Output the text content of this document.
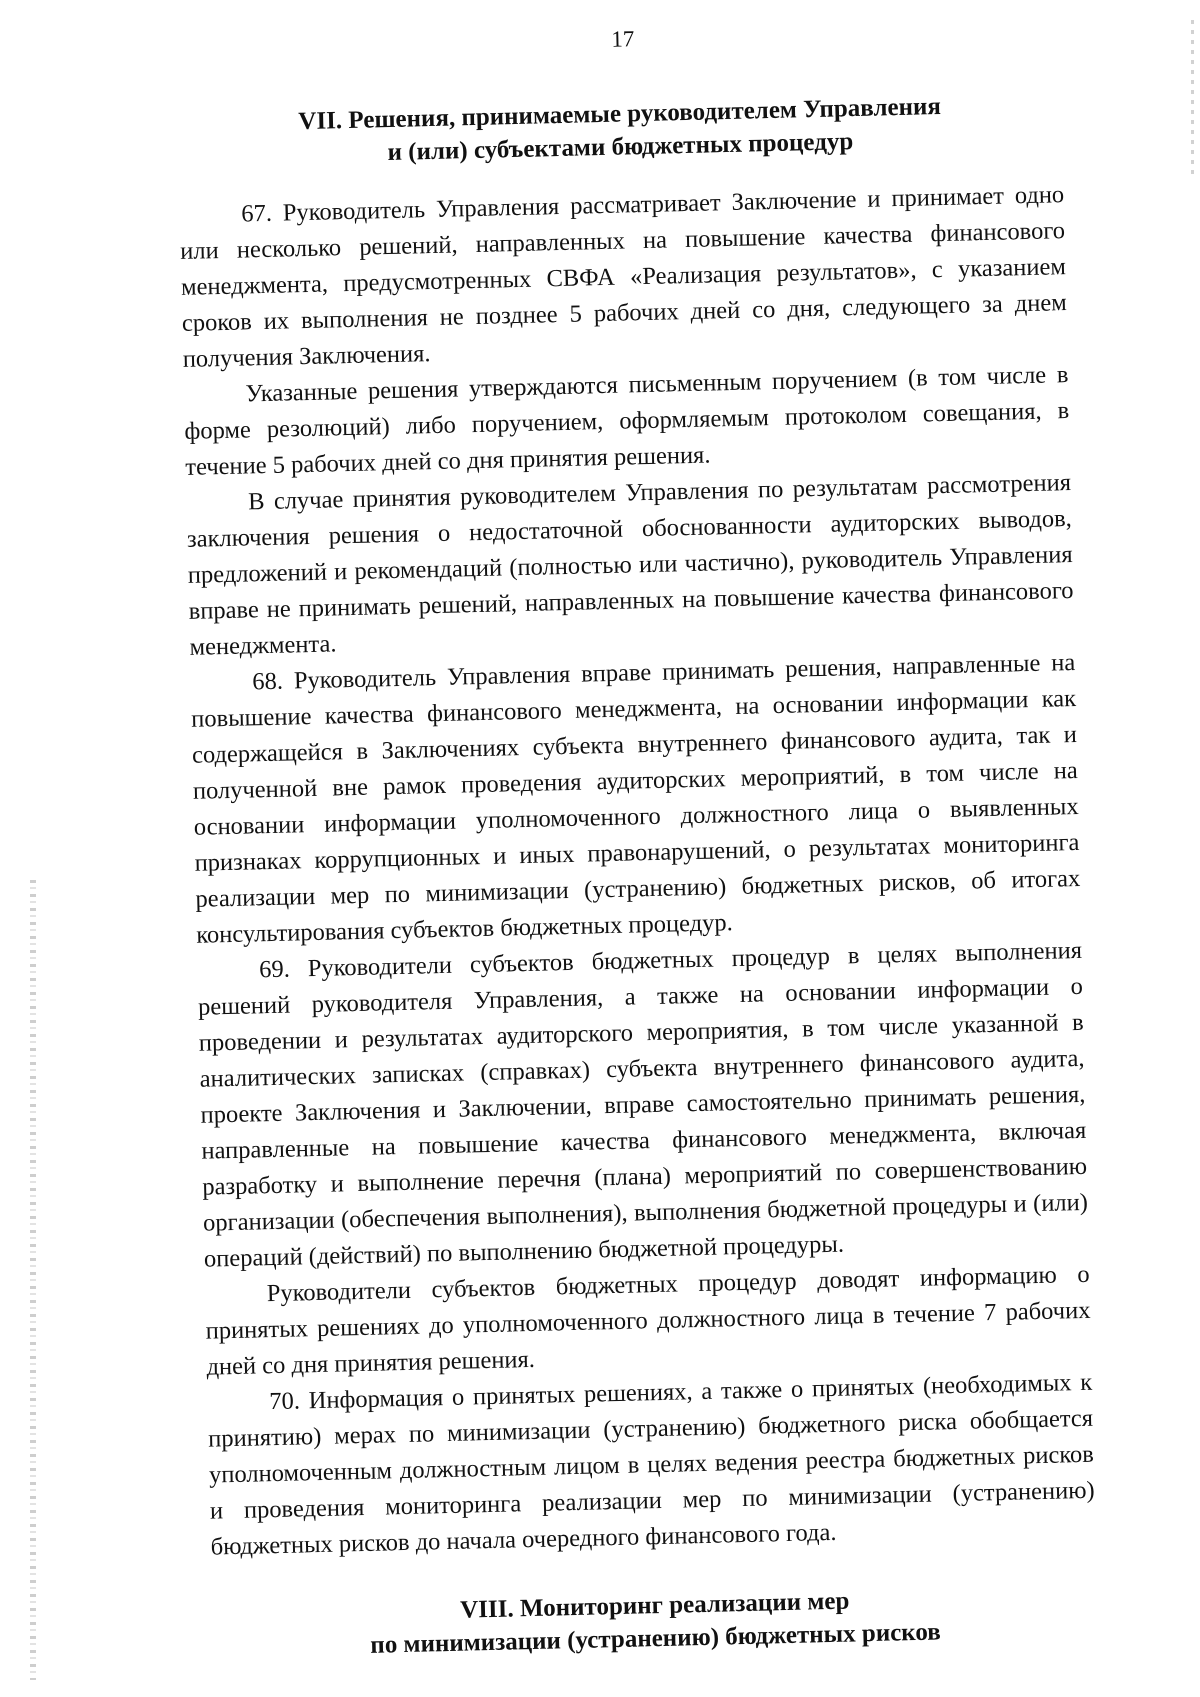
17
VII. Решения, принимаемые руководителем Управления
и (или) субъектами бюджетных процедур

67. Руководитель Управления рассматривает Заключение и принимает одно или несколько решений, направленных на повышение качества финансового менеджмента, предусмотренных СВФА «Реализация результатов», с указанием сроков их выполнения не позднее 5 рабочих дней со дня, следующего за днем получения Заключения.

Указанные решения утверждаются письменным поручением (в том числе в форме резолюций) либо поручением, оформляемым протоколом совещания, в течение 5 рабочих дней со дня принятия решения.

В случае принятия руководителем Управления по результатам рассмотрения заключения решения о недостаточной обоснованности аудиторских выводов, предложений и рекомендаций (полностью или частично), руководитель Управления вправе не принимать решений, направленных на повышение качества финансового менеджмента.

68. Руководитель Управления вправе принимать решения, направленные на повышение качества финансового менеджмента, на основании информации как содержащейся в Заключениях субъекта внутреннего финансового аудита, так и полученной вне рамок проведения аудиторских мероприятий, в том числе на основании информации уполномоченного должностного лица о выявленных признаках коррупционных и иных правонарушений, о результатах мониторинга реализации мер по минимизации (устранению) бюджетных рисков, об итогах консультирования субъектов бюджетных процедур.

69. Руководители субъектов бюджетных процедур в целях выполнения решений руководителя Управления, а также на основании информации о проведении и результатах аудиторского мероприятия, в том числе указанной в аналитических записках (справках) субъекта внутреннего финансового аудита, проекте Заключения и Заключении, вправе самостоятельно принимать решения, направленные на повышение качества финансового менеджмента, включая разработку и выполнение перечня (плана) мероприятий по совершенствованию организации (обеспечения выполнения), выполнения бюджетной процедуры и (или) операций (действий) по выполнению бюджетной процедуры.

Руководители субъектов бюджетных процедур доводят информацию о принятых решениях до уполномоченного должностного лица в течение 7 рабочих дней со дня принятия решения.

70. Информация о принятых решениях, а также о принятых (необходимых к принятию) мерах по минимизации (устранению) бюджетного риска обобщается уполномоченным должностным лицом в целях ведения реестра бюджетных рисков и проведения мониторинга реализации мер по минимизации (устранению) бюджетных рисков до начала очередного финансового года.

VIII. Мониторинг реализации мер
по минимизации (устранению) бюджетных рисков
